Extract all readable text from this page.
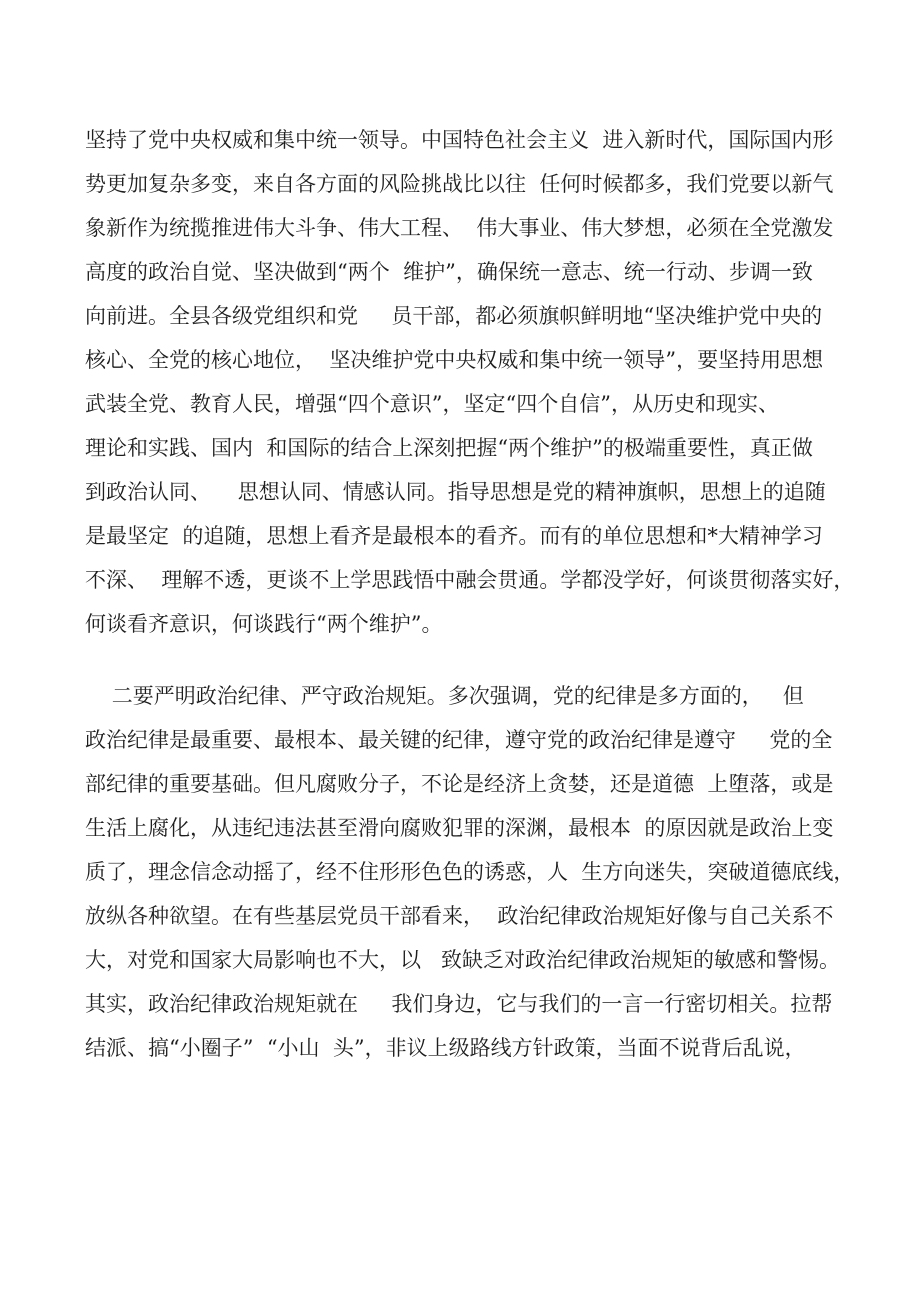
坚持了党中央权威和集中统一领导。中国特色社会主义  进入新时代，国际国内形
势更加复杂多变，来自各方面的风险挑战比以往  任何时候都多，我们党要以新气
象新作为统揽推进伟大斗争、伟大工程、  伟大事业、伟大梦想，必须在全党激发
高度的政治自觉、坚决做到“两个  维护”，确保统一意志、统一行动、步调一致
向前进。全县各级党组织和党     员干部，都必须旗帜鲜明地“坚决维护党中央的
核心、全党的核心地位，  坚决维护党中央权威和集中统一领导”，要坚持用思想
武装全党、教育人民，增强“四个意识”，坚定“四个自信”，从历史和现实、
理论和实践、国内  和国际的结合上深刻把握“两个维护”的极端重要性，真正做
到政治认同、    思想认同、情感认同。指导思想是党的精神旗帜，思想上的追随
是最坚定  的追随，思想上看齐是最根本的看齐。而有的单位思想和*大精神学习
不深、  理解不透，更谈不上学思践悟中融会贯通。学都没学好，何谈贯彻落实好，
何谈看齐意识，何谈践行“两个维护”。
二要严明政治纪律、严守政治规矩。多次强调，党的纪律是多方面的，   但
政治纪律是最重要、最根本、最关键的纪律，遵守党的政治纪律是遵守     党的全
部纪律的重要基础。但凡腐败分子，不论是经济上贪婪，还是道德  上堕落，或是
生活上腐化，从违纪违法甚至滑向腐败犯罪的深渊，最根本  的原因就是政治上变
质了，理念信念动摇了，经不住形形色色的诱惑，人  生方向迷失，突破道德底线，
放纵各种欲望。在有些基层党员干部看来，  政治纪律政治规矩好像与自己关系不
大，对党和国家大局影响也不大，以   致缺乏对政治纪律政治规矩的敏感和警惕。
其实，政治纪律政治规矩就在     我们身边，它与我们的一言一行密切相关。拉帮
结派、搞“小圈子”  “小山  头”，非议上级路线方针政策，当面不说背后乱说，
